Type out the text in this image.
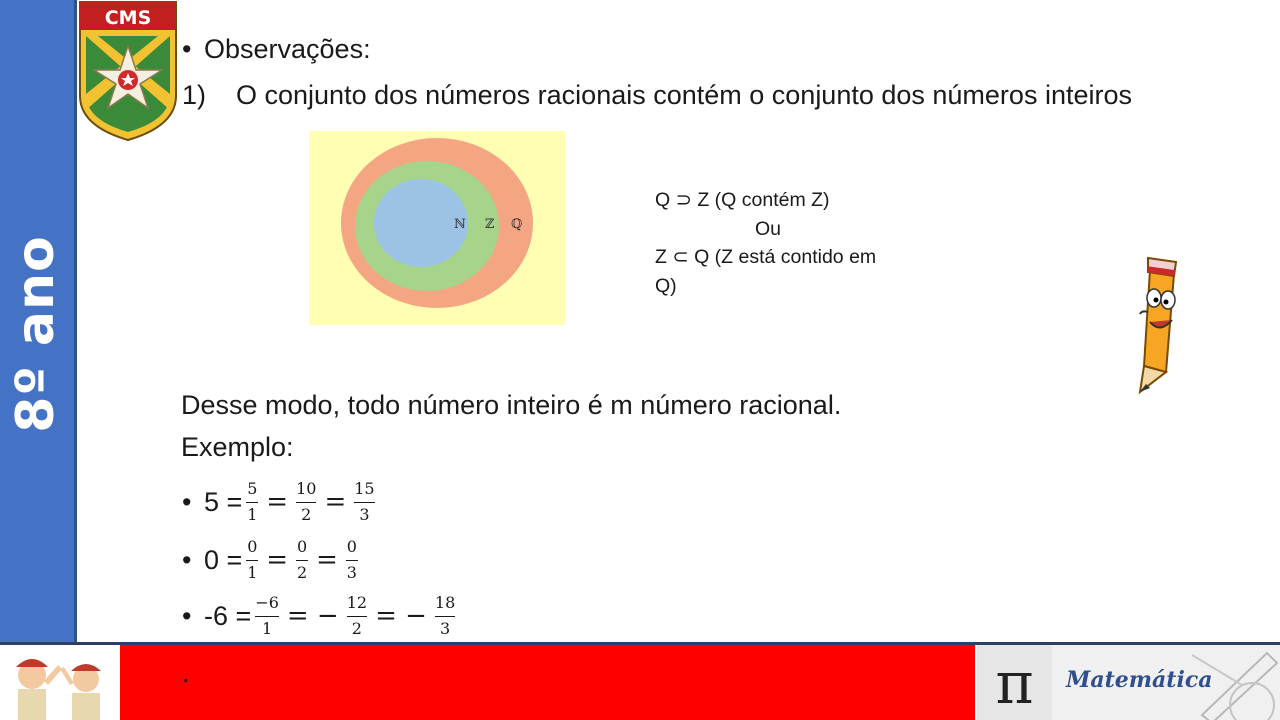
8º ano
CMS
• Observações:
1) O conjunto dos números racionais contém o conjunto dos números inteiros
ℕ ℤ ℚ
Q ⊃ Z (Q contém Z)
Ou
Z ⊂ Q (Z está contido em
Q)
Desse modo, todo número inteiro é m número racional.
Exemplo:
• $5 = \frac{5}{1} = \frac{10}{2} = \frac{15}{3}$
• $0 = \frac{0}{1} = \frac{0}{2} = \frac{0}{3}$
• $-6 = \frac{-6}{1}$ = − $\frac{12}{2}$ = − $\frac{18}{3}$
.	π	Matemática
